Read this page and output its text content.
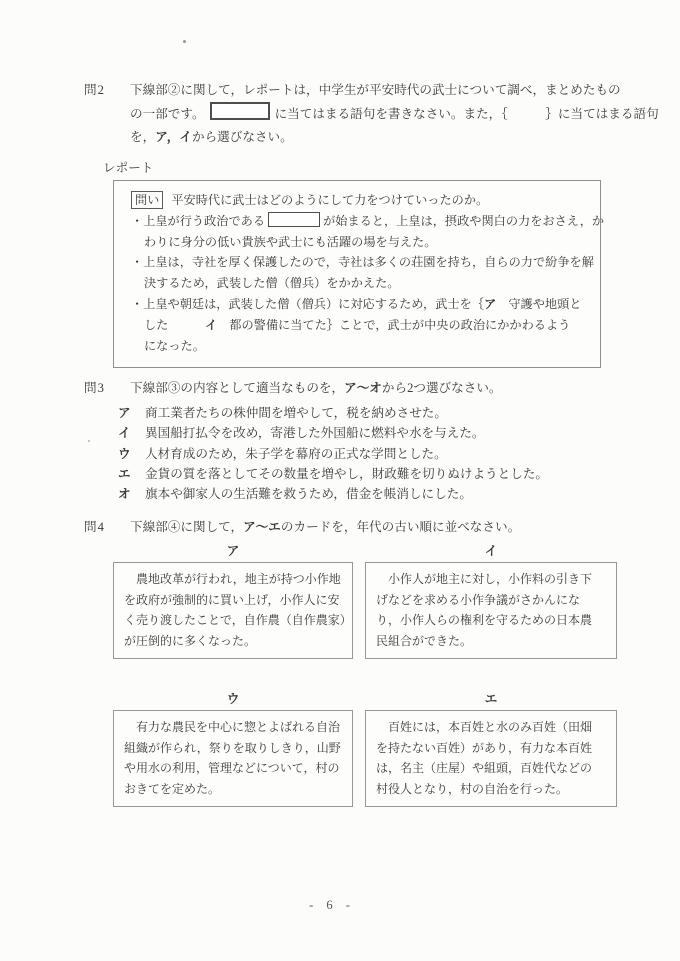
問2	下線部②に関して，レポートは，中学生が平安時代の武士について調べ，まとめたもの
の一部です。	に当てはまる語句を書きなさい。また，｛　　　｝に当てはまる語句
を，ア，イから選びなさい。
レポート
問い 平安時代に武士はどのようにして力をつけていったのか。
・上皇が行う政治である	が始まると，上皇は，摂政や関白の力をおさえ，か
わりに身分の低い貴族や武士にも活躍の場を与えた。
・上皇は，寺社を厚く保護したので，寺社は多くの荘園を持ち，自らの力で紛争を解
決するため，武装した僧（僧兵）をかかえた。
・上皇や朝廷は，武装した僧（僧兵）に対応するため，武士を｛ア　守護や地頭と
した　　　	イ　都の警備に当てた｝ことで，武士が中央の政治にかかわるよう
になった。
問3	下線部③の内容として適当なものを，ア～オから2つ選びなさい。
ア	商工業者たちの株仲間を増やして，税を納めさせた。
イ	異国船打払令を改め，寄港した外国船に燃料や水を与えた。
ウ	人材育成のため，朱子学を幕府の正式な学問とした。
エ	金貨の質を落としてその数量を増やし，財政難を切りぬけようとした。
オ	旗本や御家人の生活難を救うため，借金を帳消しにした。
問4	下線部④に関して，ア～エのカードを，年代の古い順に並べなさい。
ア
農地改革が行われ，地主が持つ小作地
を政府が強制的に買い上げ，小作人に安
く売り渡したことで，自作農（自作農家）
が圧倒的に多くなった。
イ
小作人が地主に対し，小作料の引き下
げなどを求める小作争議がさかんにな
り，小作人らの権利を守るための日本農
民組合ができた。
ウ
有力な農民を中心に惣とよばれる自治
組織が作られ，祭りを取りしきり，山野
や用水の利用，管理などについて，村の
おきてを定めた。
エ
百姓には，本百姓と水のみ百姓（田畑
を持たない百姓）があり，有力な本百姓
は，名主（庄屋）や組頭，百姓代などの
村役人となり，村の自治を行った。
- 6 -
